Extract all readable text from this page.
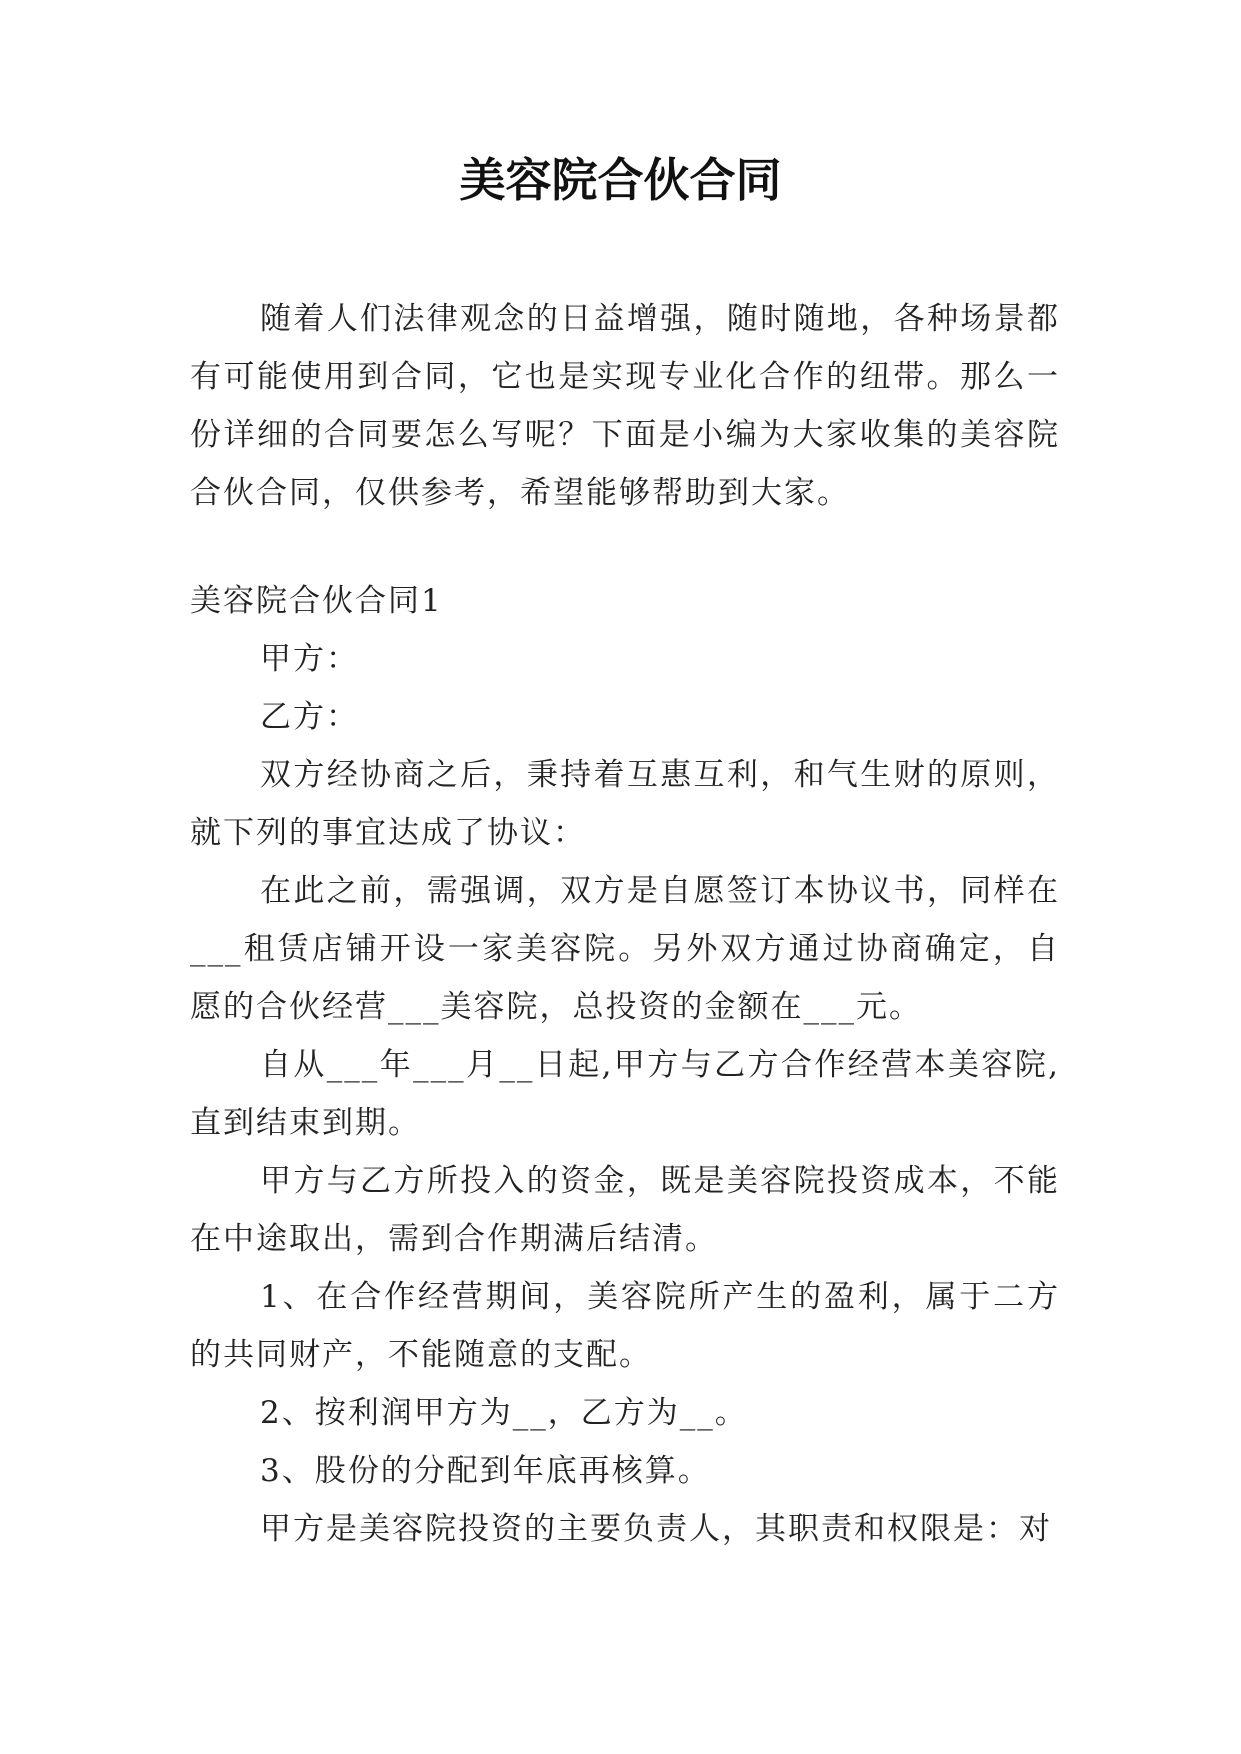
美容院合伙合同

随着人们法律观念的日益增强，随时随地，各种场景都有可能使用到合同，它也是实现专业化合作的纽带。那么一份详细的合同要怎么写呢？下面是小编为大家收集的美容院合伙合同，仅供参考，希望能够帮助到大家。

美容院合伙合同1

甲方：

乙方：

双方经协商之后，秉持着互惠互利，和气生财的原则，就下列的事宜达成了协议：

在此之前，需强调，双方是自愿签订本协议书，同样在___租赁店铺开设一家美容院。另外双方通过协商确定，自愿的合伙经营___美容院，总投资的金额在___元。

自从___年___月__日起,甲方与乙方合作经营本美容院,直到结束到期。

甲方与乙方所投入的资金，既是美容院投资成本，不能在中途取出，需到合作期满后结清。

1、在合作经营期间，美容院所产生的盈利，属于二方的共同财产，不能随意的支配。

2、按利润甲方为__，乙方为__。

3、股份的分配到年底再核算。

甲方是美容院投资的主要负责人，其职责和权限是：对
